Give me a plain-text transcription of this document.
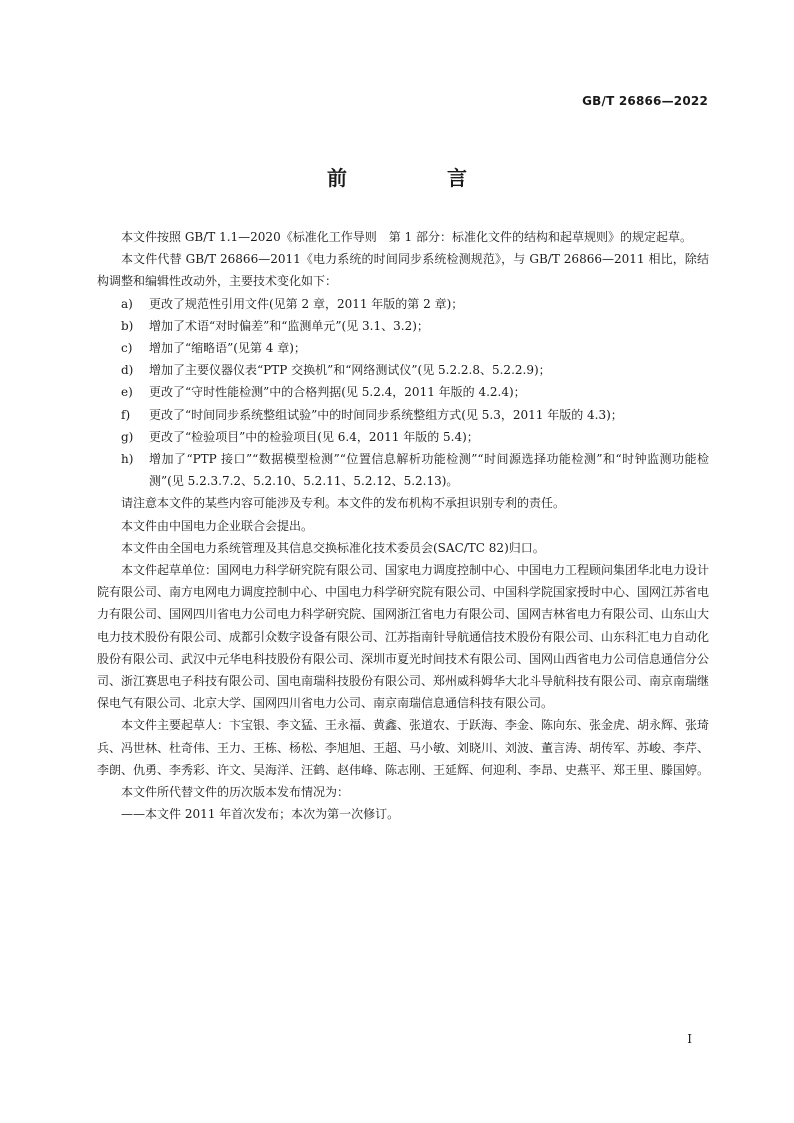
GB/T 26866—2022
前　言

本文件按照 GB/T 1.1—2020《标准化工作导则　第 1 部分：标准化文件的结构和起草规则》的规定起草。

本文件代替 GB/T 26866—2011《电力系统的时间同步系统检测规范》，与 GB/T 26866—2011 相比，除结构调整和编辑性改动外，主要技术变化如下：

a) 更改了规范性引用文件(见第 2 章，2011 年版的第 2 章)；
b) 增加了术语“对时偏差”和“监测单元”(见 3.1、3.2)；
c) 增加了“缩略语”(见第 4 章)；
d) 增加了主要仪器仪表“PTP 交换机”和“网络测试仪”(见 5.2.2.8、5.2.2.9)；
e) 更改了“守时性能检测”中的合格判据(见 5.2.4，2011 年版的 4.2.4)；
f) 更改了“时间同步系统整组试验”中的时间同步系统整组方式(见 5.3，2011 年版的 4.3)；
g) 更改了“检验项目”中的检验项目(见 6.4，2011 年版的 5.4)；
h) 增加了“PTP 接口”“数据模型检测”“位置信息解析功能检测”“时间源选择功能检测”和“时钟监测功能检测”(见 5.2.3.7.2、5.2.10、5.2.11、5.2.12、5.2.13)。

请注意本文件的某些内容可能涉及专利。本文件的发布机构不承担识别专利的责任。

本文件由中国电力企业联合会提出。

本文件由全国电力系统管理及其信息交换标准化技术委员会(SAC/TC 82)归口。

本文件起草单位：国网电力科学研究院有限公司、国家电力调度控制中心、中国电力工程顾问集团华北电力设计院有限公司、南方电网电力调度控制中心、中国电力科学研究院有限公司、中国科学院国家授时中心、国网江苏省电力有限公司、国网四川省电力公司电力科学研究院、国网浙江省电力有限公司、国网吉林省电力有限公司、山东山大电力技术股份有限公司、成都引众数字设备有限公司、江苏指南针导航通信技术股份有限公司、山东科汇电力自动化股份有限公司、武汉中元华电科技股份有限公司、深圳市夏光时间技术有限公司、国网山西省电力公司信息通信分公司、浙江赛思电子科技有限公司、国电南瑞科技股份有限公司、郑州威科姆华大北斗导航科技有限公司、南京南瑞继保电气有限公司、北京大学、国网四川省电力公司、南京南瑞信息通信科技有限公司。

本文件主要起草人：卞宝银、李文猛、王永福、黄鑫、张道农、于跃海、李金、陈向东、张金虎、胡永辉、张琦兵、冯世林、杜奇伟、王力、王栋、杨松、李旭旭、王超、马小敏、刘晓川、刘波、董言涛、胡传军、苏峻、李芹、李朗、仇勇、李秀彩、许文、吴海洋、汪鹤、赵伟峰、陈志刚、王延辉、何迎利、李昂、史燕平、郑王里、滕国婷。

本文件所代替文件的历次版本发布情况为：

——本文件 2011 年首次发布；本次为第一次修订。

I
